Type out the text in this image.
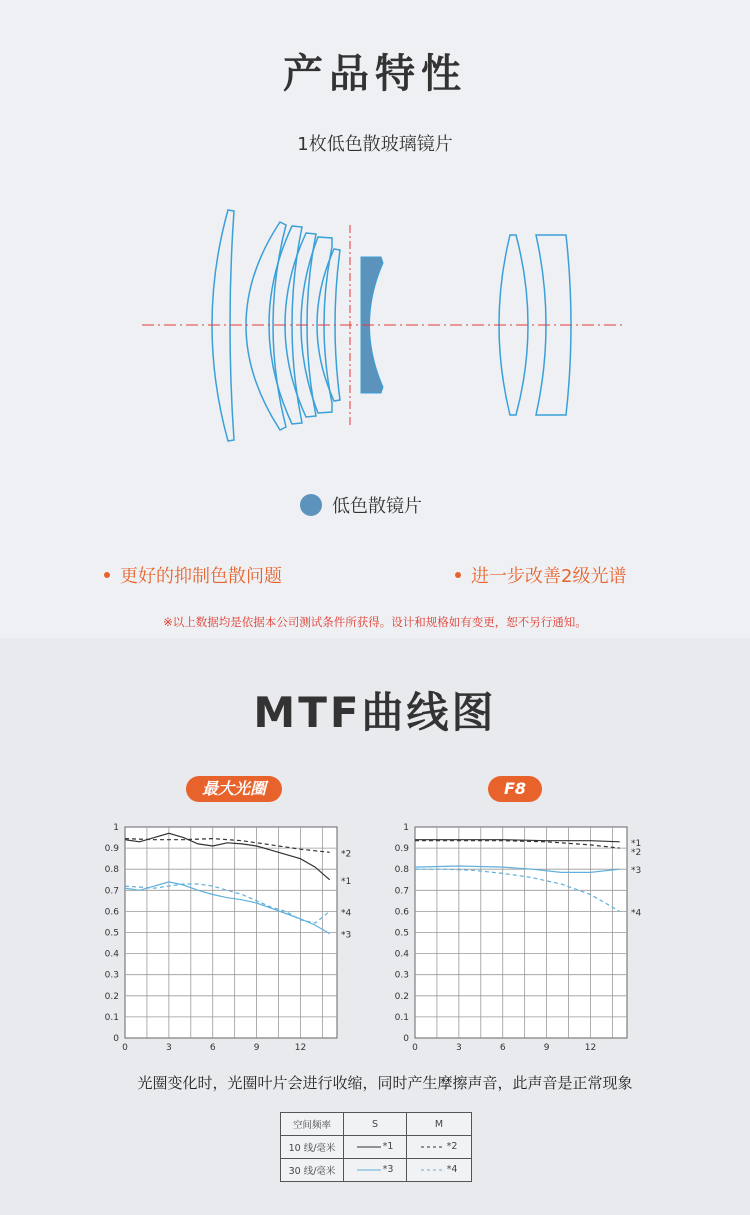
产品特性
1枚低色散玻璃镜片
低色散镜片
更好的抑制色散问题	进一步改善2级光谱
※以上数据均是依据本公司测试条件所获得。设计和规格如有变更，恕不另行通知。
MTF曲线图
最大光圈	F8
0
0.1
0.2
0.3
0.4
0.5
0.6
0.7
0.8
0.9
1
0	3	6	9	12
*2
*1
*4
*3
0
0.1
0.2
0.3
0.4
0.5
0.6
0.7
0.8
0.9
1
0	3	6	9	12
*1
*2
*3
*4
光圈变化时，光圈叶片会进行收缩，同时产生摩擦声音，此声音是正常现象
空间频率	S	M
10 线/毫米	*1	*2

30 线/毫米	*3	*4
